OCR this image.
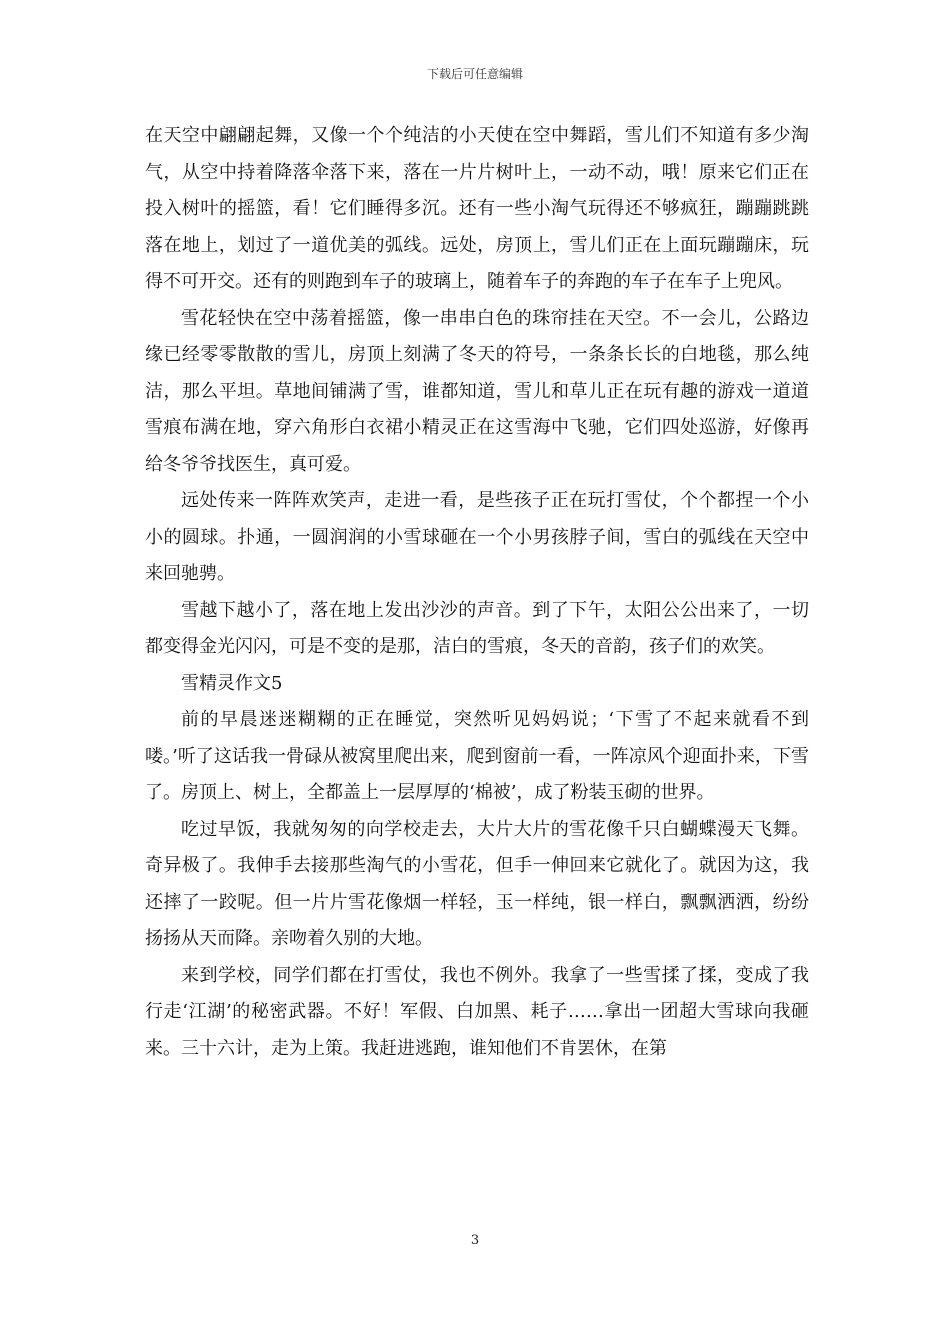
下载后可任意编辑

在天空中翩翩起舞，又像一个个纯洁的小天使在空中舞蹈，雪儿们不知道有多少淘气，从空中持着降落伞落下来，落在一片片树叶上，一动不动，哦！原来它们正在投入树叶的摇篮，看！它们睡得多沉。还有一些小淘气玩得还不够疯狂，蹦蹦跳跳落在地上，划过了一道优美的弧线。远处，房顶上，雪儿们正在上面玩蹦蹦床，玩得不可开交。还有的则跑到车子的玻璃上，随着车子的奔跑的车子在车子上兜风。

雪花轻快在空中荡着摇篮，像一串串白色的珠帘挂在天空。不一会儿，公路边缘已经零零散散的雪儿，房顶上刻满了冬天的符号，一条条长长的白地毯，那么纯洁，那么平坦。草地间铺满了雪，谁都知道，雪儿和草儿正在玩有趣的游戏一道道雪痕布满在地，穿六角形白衣裙小精灵正在这雪海中飞驰，它们四处巡游，好像再给冬爷爷找医生，真可爱。

远处传来一阵阵欢笑声，走进一看，是些孩子正在玩打雪仗，个个都捏一个小小的圆球。扑通，一圆润润的小雪球砸在一个小男孩脖子间，雪白的弧线在天空中来回驰骋。

雪越下越小了，落在地上发出沙沙的声音。到了下午，太阳公公出来了，一切都变得金光闪闪，可是不变的是那，洁白的雪痕，冬天的音韵，孩子们的欢笑。

雪精灵作文5

前的早晨迷迷糊糊的正在睡觉，突然听见妈妈说；‘下雪了不起来就看不到喽。’听了这话我一骨碌从被窝里爬出来，爬到窗前一看，一阵凉风个迎面扑来，下雪了。房顶上、树上，全都盖上一层厚厚的‘棉被’，成了粉装玉砌的世界。

吃过早饭，我就匆匆的向学校走去，大片大片的雪花像千只白蝴蝶漫天飞舞。奇异极了。我伸手去接那些淘气的小雪花，但手一伸回来它就化了。就因为这，我还摔了一跤呢。但一片片雪花像烟一样轻，玉一样纯，银一样白，飘飘洒洒，纷纷扬扬从天而降。亲吻着久别的大地。

来到学校，同学们都在打雪仗，我也不例外。我拿了一些雪揉了揉，变成了我行走‘江湖’的秘密武器。不好！军假、白加黑、耗子……拿出一团超大雪球向我砸来。三十六计，走为上策。我赶进逃跑，谁知他们不肯罢休，在第

3
